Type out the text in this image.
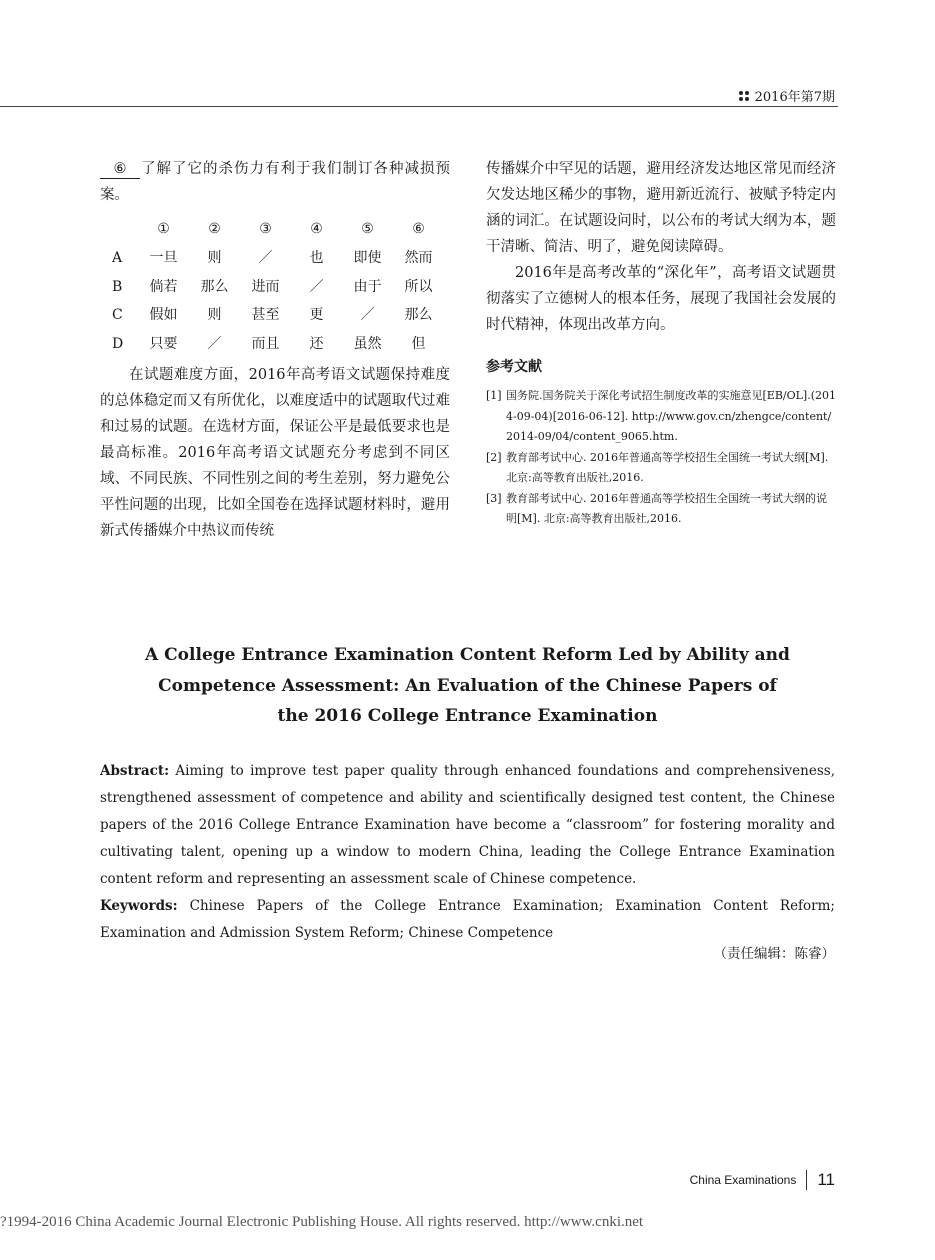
2016年第7期
⑥ 了解了它的杀伤力有利于我们制订各种减损预案。
	①	②	③	④	⑤	⑥
A	一旦	则	／	也	即使	然而
B	倘若	那么	进而	／	由于	所以
C	假如	则	甚至	更	／	那么
D	只要	／	而且	还	虽然	但

在试题难度方面，2016年高考语文试题保持难度的总体稳定而又有所优化，以难度适中的试题取代过难和过易的试题。在选材方面，保证公平是最低要求也是最高标准。2016年高考语文试题充分考虑到不同区域、不同民族、不同性别之间的考生差别，努力避免公平性问题的出现，比如全国卷在选择试题材料时，避用新式传播媒介中热议而传统

传播媒介中罕见的话题，避用经济发达地区常见而经济欠发达地区稀少的事物，避用新近流行、被赋予特定内涵的词汇。在试题设问时，以公布的考试大纲为本，题干清晰、简洁、明了，避免阅读障碍。

2016年是高考改革的“深化年”，高考语文试题贯彻落实了立德树人的根本任务，展现了我国社会发展的时代精神，体现出改革方向。

参考文献
[1] 国务院.国务院关于深化考试招生制度改革的实施意见[EB/OL].(2014-09-04)[2016-06-12]. http://www.gov.cn/zhengce/content/2014-09/04/content_9065.htm.
[2] 教育部考试中心. 2016年普通高等学校招生全国统一考试大纲[M]. 北京:高等教育出版社,2016.
[3] 教育部考试中心. 2016年普通高等学校招生全国统一考试大纲的说明[M]. 北京:高等教育出版社,2016.
A College Entrance Examination Content Reform Led by Ability and
Competence Assessment: An Evaluation of the Chinese Papers of
the 2016 College Entrance Examination

Abstract: Aiming to improve test paper quality through enhanced foundations and comprehensiveness, strengthened assessment of competence and ability and scientifically designed test content, the Chinese papers of the 2016 College Entrance Examination have become a “classroom” for fostering morality and cultivating talent, opening up a window to modern China, leading the College Entrance Examination content reform and representing an assessment scale of Chinese competence.

Keywords: Chinese Papers of the College Entrance Examination; Examination Content Reform; Examination and Admission System Reform; Chinese Competence

（责任编辑：陈睿）
China Examinations 11
?1994-2016 China Academic Journal Electronic Publishing House. All rights reserved. http://www.cnki.net
